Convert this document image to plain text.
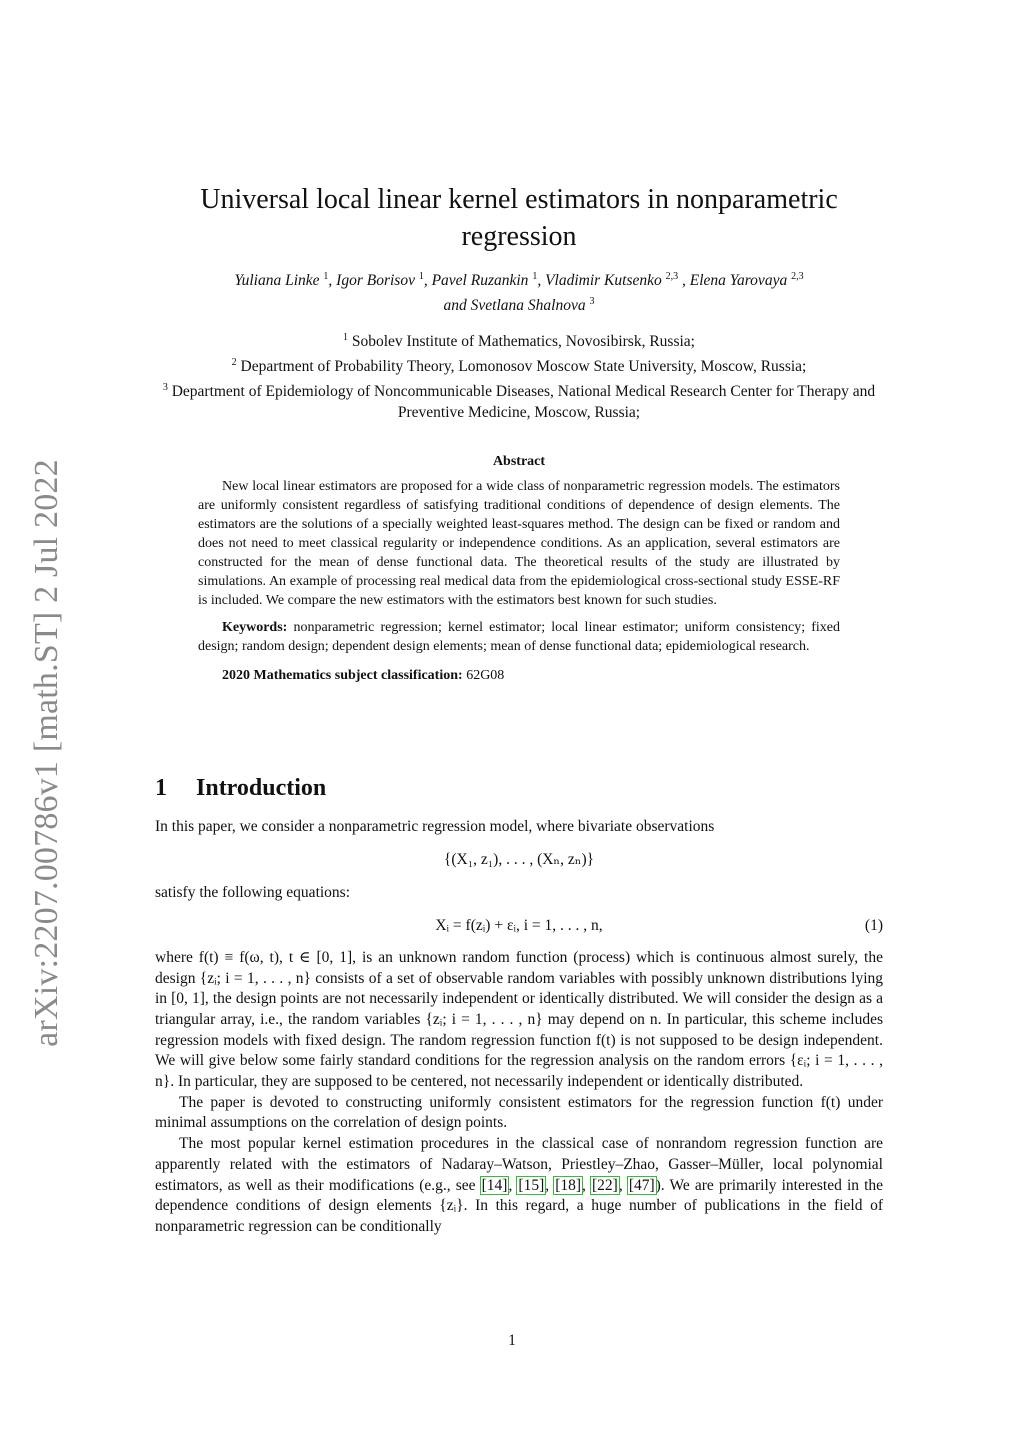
arXiv:2207.00786v1 [math.ST] 2 Jul 2022
Universal local linear kernel estimators in nonparametric regression
Yuliana Linke $^1$, Igor Borisov $^1$, Pavel Ruzankin $^1$, Vladimir Kutsenko $^{2,3}$ , Elena Yarovaya $^{2,3}$
and Svetlana Shalnova $^3$
$^1$ Sobolev Institute of Mathematics, Novosibirsk, Russia;
$^2$ Department of Probability Theory, Lomonosov Moscow State University, Moscow, Russia;
$^3$ Department of Epidemiology of Noncommunicable Diseases, National Medical Research Center for Therapy and Preventive Medicine, Moscow, Russia;
Abstract

New local linear estimators are proposed for a wide class of nonparametric regression models. The estimators are uniformly consistent regardless of satisfying traditional conditions of dependence of design elements. The estimators are the solutions of a specially weighted least-squares method. The design can be fixed or random and does not need to meet classical regularity or independence conditions. As an application, several estimators are constructed for the mean of dense functional data. The theoretical results of the study are illustrated by simulations. An example of processing real medical data from the epidemiological cross-sectional study ESSE-RF is included. We compare the new estimators with the estimators best known for such studies.

Keywords: nonparametric regression; kernel estimator; local linear estimator; uniform consistency; fixed design; random design; dependent design elements; mean of dense functional data; epidemiological research.

2020 Mathematics subject classification: 62G08

1 Introduction

In this paper, we consider a nonparametric regression model, where bivariate observations

{(X₁, z₁), . . . , (Xₙ, zₙ)}

satisfy the following equations:

Xᵢ = f(zᵢ) + εᵢ, i = 1, . . . , n,	(1)

where f(t) ≡ f(ω, t), t ∈ [0, 1], is an unknown random function (process) which is continuous almost surely, the design {zᵢ; i = 1, . . . , n} consists of a set of observable random variables with possibly unknown distributions lying in [0, 1], the design points are not necessarily independent or identically distributed. We will consider the design as a triangular array, i.e., the random variables {zᵢ; i = 1, . . . , n} may depend on n. In particular, this scheme includes regression models with fixed design. The random regression function f(t) is not supposed to be design independent. We will give below some fairly standard conditions for the regression analysis on the random errors {εᵢ; i = 1, . . . , n}. In particular, they are supposed to be centered, not necessarily independent or identically distributed.

The paper is devoted to constructing uniformly consistent estimators for the regression function f(t) under minimal assumptions on the correlation of design points.

The most popular kernel estimation procedures in the classical case of nonrandom regression function are apparently related with the estimators of Nadaray–Watson, Priestley–Zhao, Gasser–Müller, local polynomial estimators, as well as their modifications (e.g., see [14], [15], [18], [22], [47]). We are primarily interested in the dependence conditions of design elements {zᵢ}. In this regard, a huge number of publications in the field of nonparametric regression can be conditionally

1
